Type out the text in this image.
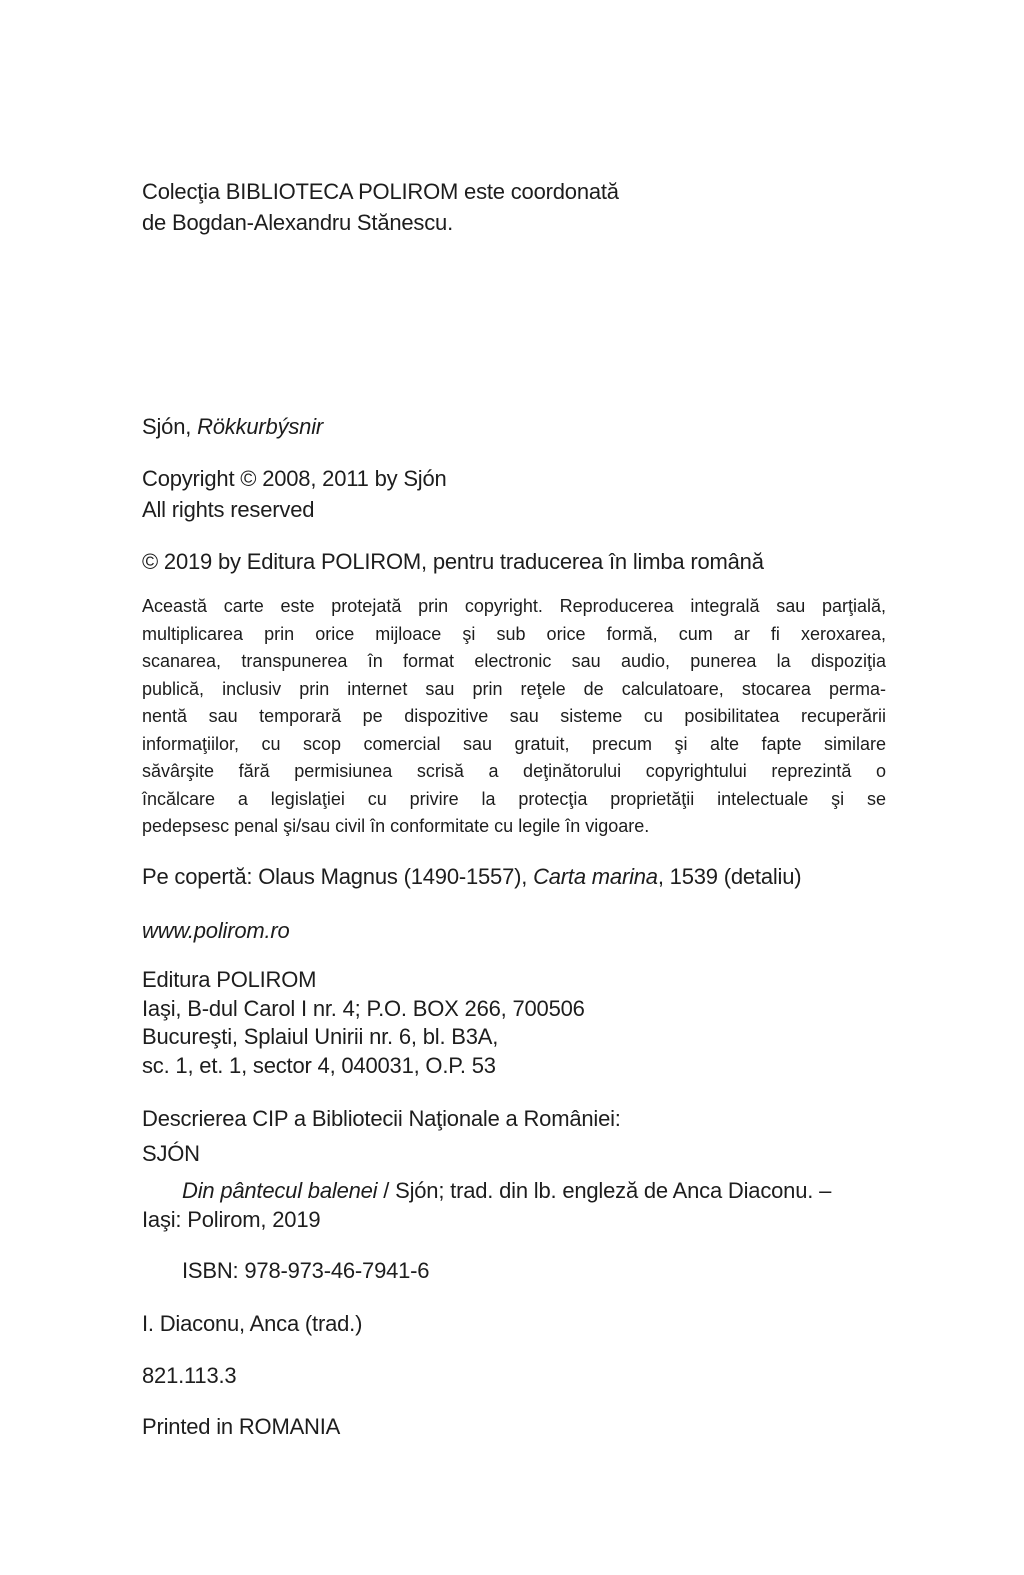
Colecţia BIBLIOTECA POLIROM este coordonată
de Bogdan-Alexandru Stănescu.
Sjón, Rökkurbýsnir
Copyright © 2008, 2011 by Sjón
All rights reserved
© 2019 by Editura POLIROM, pentru traducerea în limba română
Această carte este protejată prin copyright. Reproducerea integrală sau parţială,
multiplicarea prin orice mijloace şi sub orice formă, cum ar fi xeroxarea,
scanarea, transpunerea în format electronic sau audio, punerea la dispoziţia
publică, inclusiv prin internet sau prin reţele de calculatoare, stocarea perma-
nentă sau temporară pe dispozitive sau sisteme cu posibilitatea recuperării
informaţiilor, cu scop comercial sau gratuit, precum şi alte fapte similare
săvârşite fără permisiunea scrisă a deţinătorului copyrightului reprezintă o
încălcare a legislaţiei cu privire la protecţia proprietăţii intelectuale şi se
pedepsesc penal şi/sau civil în conformitate cu legile în vigoare.
Pe copertă: Olaus Magnus (1490-1557), Carta marina, 1539 (detaliu)
www.polirom.ro
Editura POLIROM
Iaşi, B-dul Carol I nr. 4; P.O. BOX 266, 700506
Bucureşti, Splaiul Unirii nr. 6, bl. B3A,
sc. 1, et. 1, sector 4, 040031, O.P. 53
Descrierea CIP a Bibliotecii Naţionale a României:
SJÓN
Din pântecul balenei / Sjón; trad. din lb. engleză de Anca Diaconu. –
Iaşi: Polirom, 2019
ISBN: 978-973-46-7941-6
I. Diaconu, Anca (trad.)
821.113.3
Printed in ROMANIA
